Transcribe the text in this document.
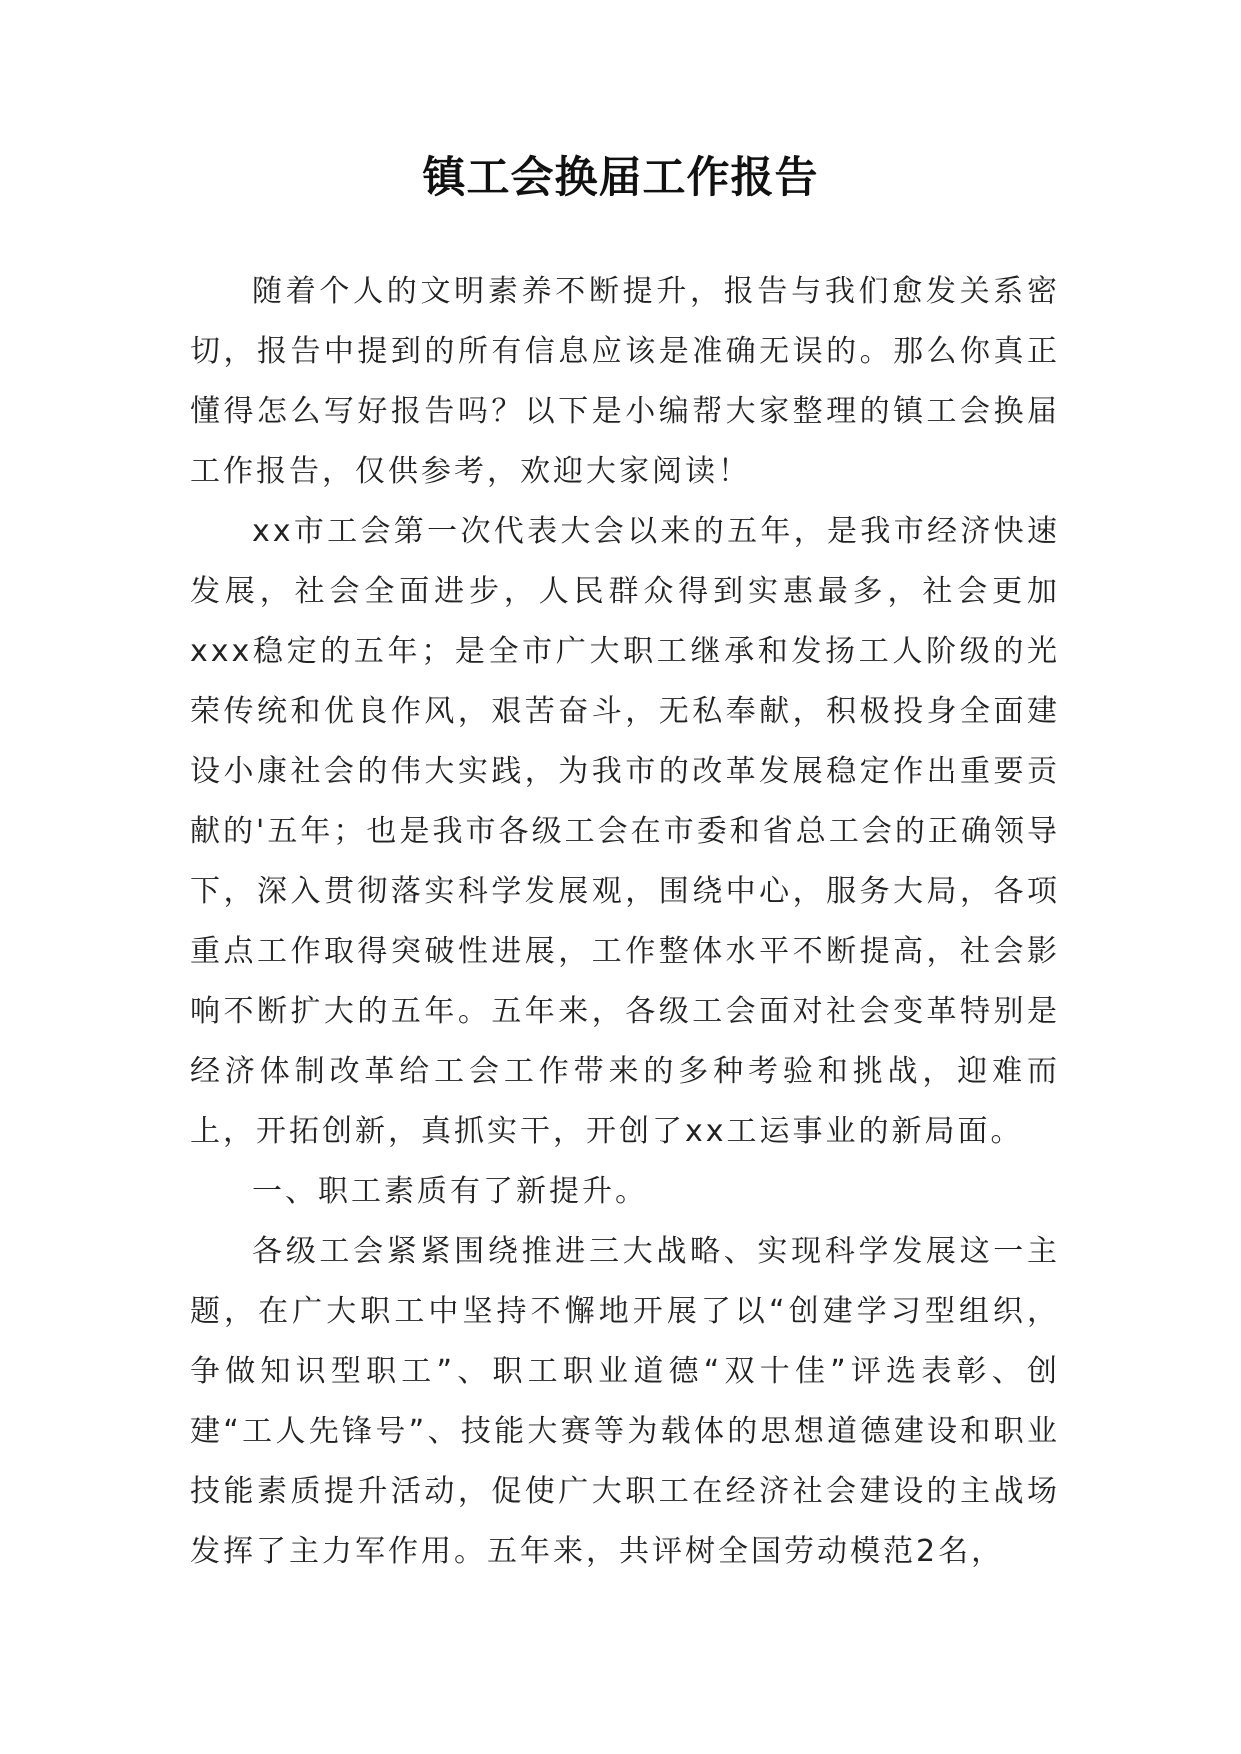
镇工会换届工作报告

随着个人的文明素养不断提升，报告与我们愈发关系密切，报告中提到的所有信息应该是准确无误的。那么你真正懂得怎么写好报告吗？以下是小编帮大家整理的镇工会换届工作报告，仅供参考，欢迎大家阅读！

xx市工会第一次代表大会以来的五年，是我市经济快速发展，社会全面进步，人民群众得到实惠最多，社会更加xxx稳定的五年；是全市广大职工继承和发扬工人阶级的光荣传统和优良作风，艰苦奋斗，无私奉献，积极投身全面建设小康社会的伟大实践，为我市的改革发展稳定作出重要贡献的'五年；也是我市各级工会在市委和省总工会的正确领导下，深入贯彻落实科学发展观，围绕中心，服务大局，各项重点工作取得突破性进展，工作整体水平不断提高，社会影响不断扩大的五年。五年来，各级工会面对社会变革特别是经济体制改革给工会工作带来的多种考验和挑战，迎难而上，开拓创新，真抓实干，开创了xx工运事业的新局面。

一、职工素质有了新提升。

各级工会紧紧围绕推进三大战略、实现科学发展这一主题，在广大职工中坚持不懈地开展了以“创建学习型组织，争做知识型职工”、职工职业道德“双十佳”评选表彰、创建“工人先锋号”、技能大赛等为载体的思想道德建设和职业技能素质提升活动，促使广大职工在经济社会建设的主战场发挥了主力军作用。五年来，共评树全国劳动模范2名，
